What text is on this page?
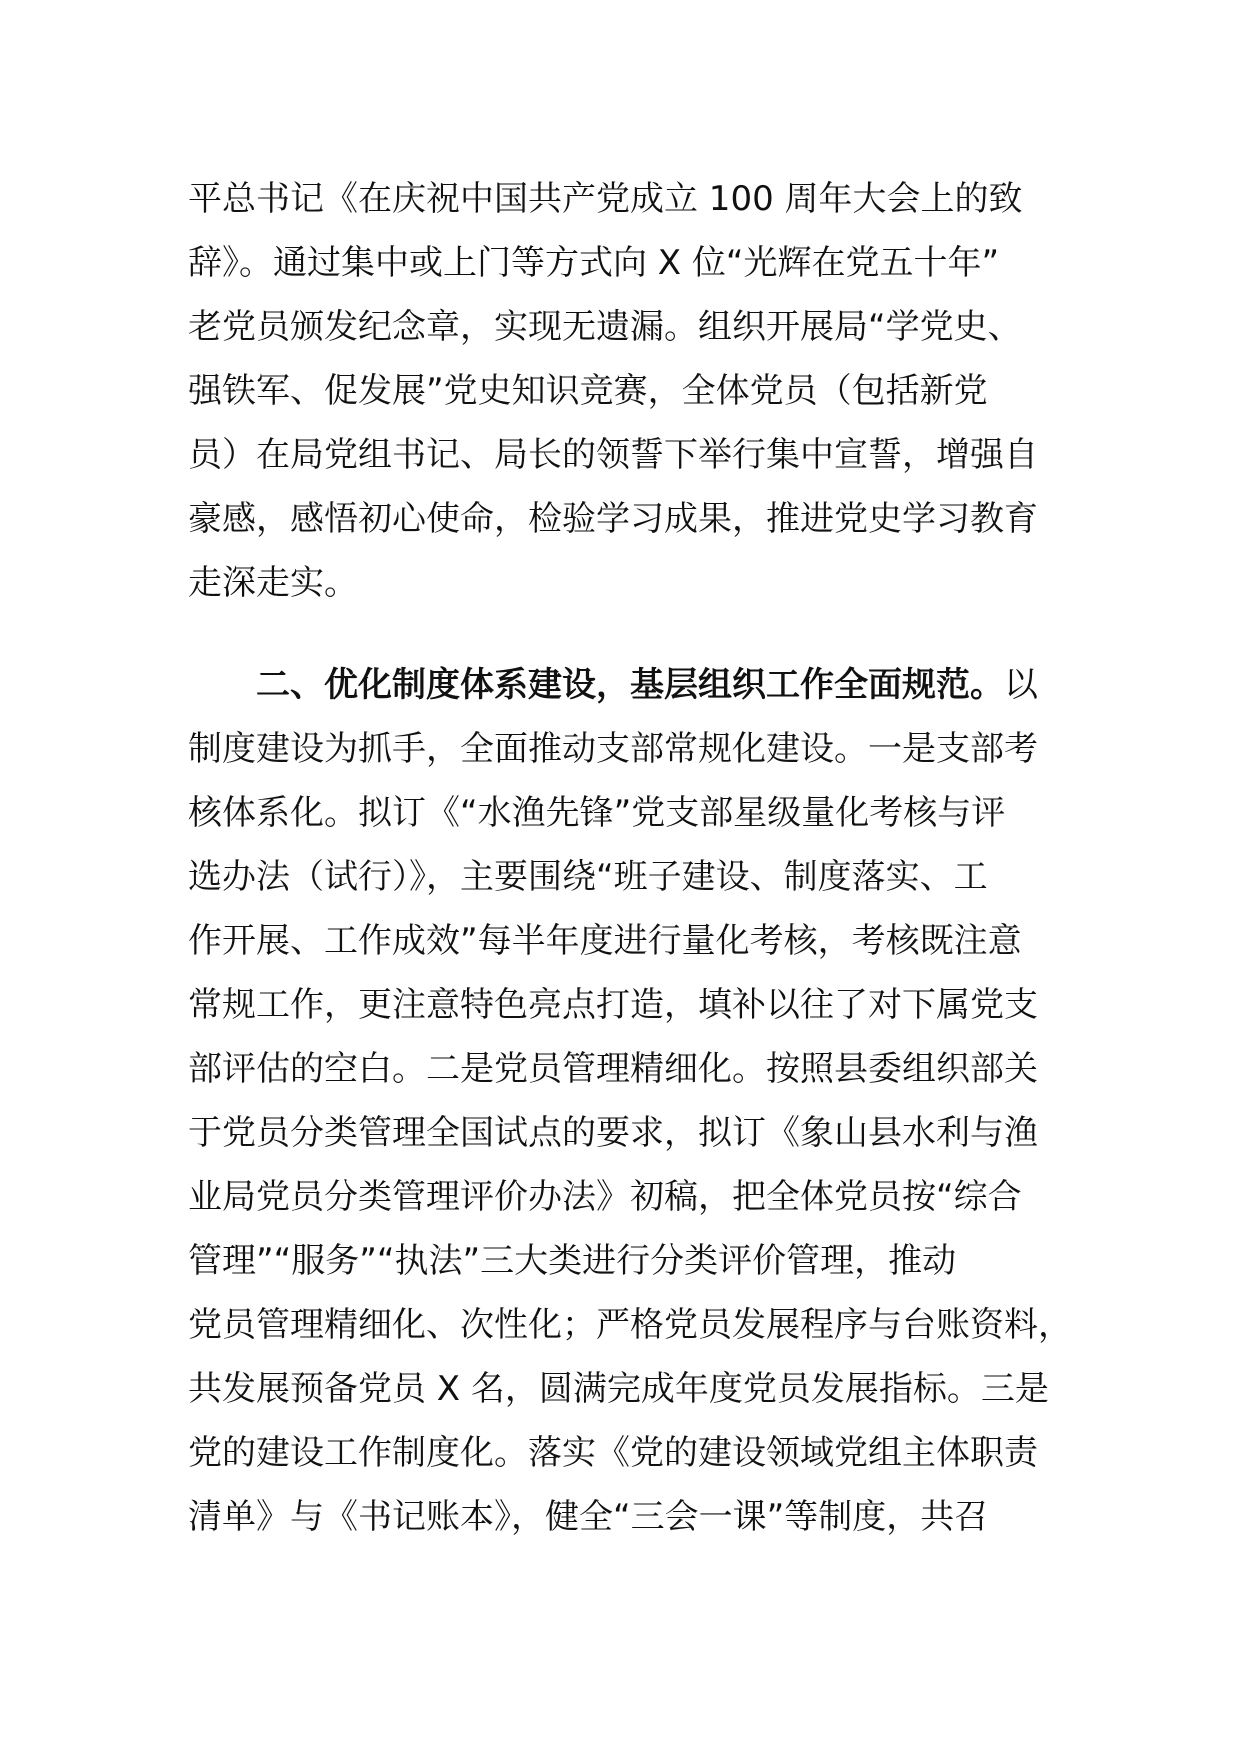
平总书记《在庆祝中国共产党成立 100 周年大会上的致
辞》。通过集中或上门等方式向 X 位“光辉在党五十年”
老党员颁发纪念章，实现无遗漏。组织开展局“学党史、
强铁军、促发展”党史知识竞赛，全体党员（包括新党
员）在局党组书记、局长的领誓下举行集中宣誓，增强自
豪感，感悟初心使命，检验学习成果，推进党史学习教育
走深走实。
二、优化制度体系建设，基层组织工作全面规范。以
制度建设为抓手，全面推动支部常规化建设。一是支部考
核体系化。拟订《“水渔先锋”党支部星级量化考核与评
选办法（试行）》，主要围绕“班子建设、制度落实、工
作开展、工作成效”每半年度进行量化考核，考核既注意
常规工作，更注意特色亮点打造，填补以往了对下属党支
部评估的空白。二是党员管理精细化。按照县委组织部关
于党员分类管理全国试点的要求，拟订《象山县水利与渔
业局党员分类管理评价办法》初稿，把全体党员按“综合
管理”“服务”“执法”三大类进行分类评价管理，推动
党员管理精细化、次性化；严格党员发展程序与台账资料，
共发展预备党员 X 名，圆满完成年度党员发展指标。三是
党的建设工作制度化。落实《党的建设领域党组主体职责
清单》与《书记账本》，健全“三会一课”等制度，共召
